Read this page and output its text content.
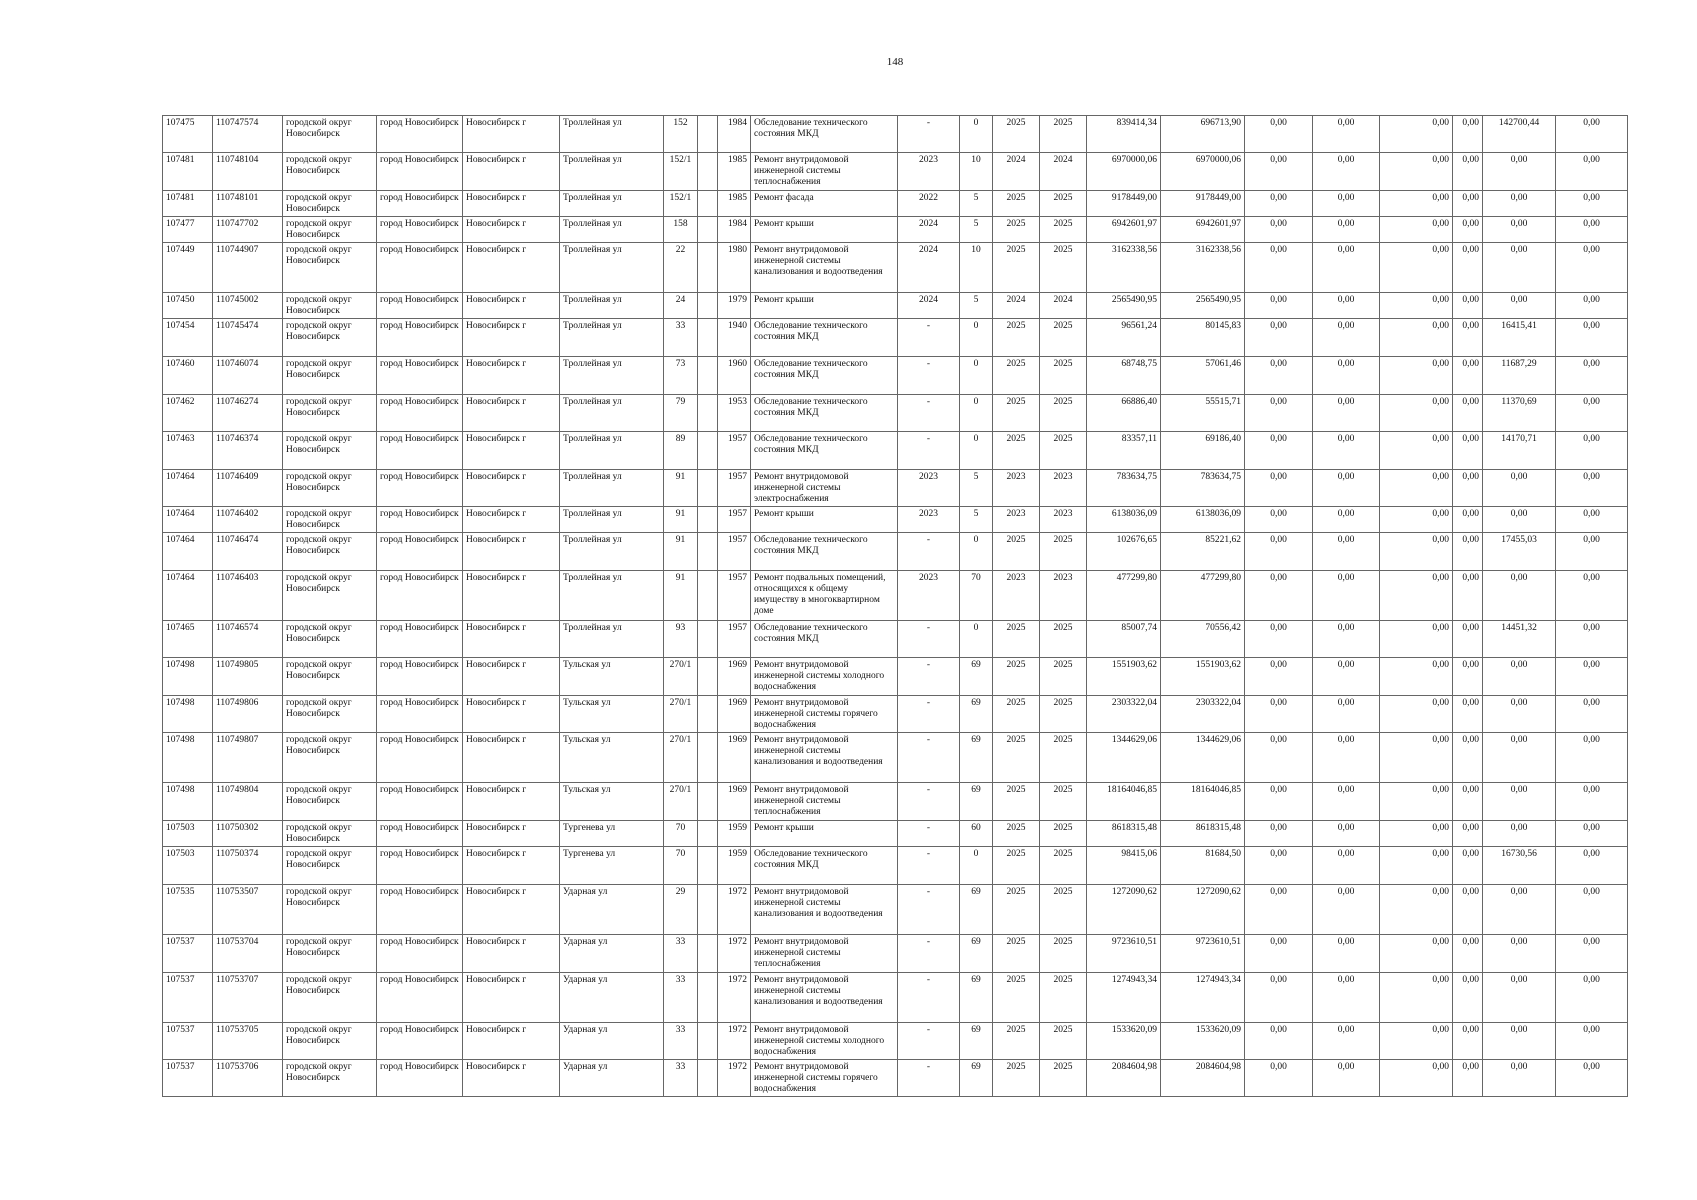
148
107475	110747574	городской округ Новосибирск	город Новосибирск	Новосибирск г	Троллейная ул	152		1984	Обследование технического состояния МКД	-	0	2025	2025	839414,34	696713,90	0,00	0,00	0,00	0,00	142700,44	0,00
107481	110748104	городской округ Новосибирск	город Новосибирск	Новосибирск г	Троллейная ул	152/1		1985	Ремонт внутридомовой инженерной системы теплоснабжения	2023	10	2024	2024	6970000,06	6970000,06	0,00	0,00	0,00	0,00	0,00	0,00
107481	110748101	городской округ Новосибирск	город Новосибирск	Новосибирск г	Троллейная ул	152/1		1985	Ремонт фасада	2022	5	2025	2025	9178449,00	9178449,00	0,00	0,00	0,00	0,00	0,00	0,00
107477	110747702	городской округ Новосибирск	город Новосибирск	Новосибирск г	Троллейная ул	158		1984	Ремонт крыши	2024	5	2025	2025	6942601,97	6942601,97	0,00	0,00	0,00	0,00	0,00	0,00
107449	110744907	городской округ Новосибирск	город Новосибирск	Новосибирск г	Троллейная ул	22		1980	Ремонт внутридомовой инженерной системы канализования и водоотведения	2024	10	2025	2025	3162338,56	3162338,56	0,00	0,00	0,00	0,00	0,00	0,00
107450	110745002	городской округ Новосибирск	город Новосибирск	Новосибирск г	Троллейная ул	24		1979	Ремонт крыши	2024	5	2024	2024	2565490,95	2565490,95	0,00	0,00	0,00	0,00	0,00	0,00
107454	110745474	городской округ Новосибирск	город Новосибирск	Новосибирск г	Троллейная ул	33		1940	Обследование технического состояния МКД	-	0	2025	2025	96561,24	80145,83	0,00	0,00	0,00	0,00	16415,41	0,00
107460	110746074	городской округ Новосибирск	город Новосибирск	Новосибирск г	Троллейная ул	73		1960	Обследование технического состояния МКД	-	0	2025	2025	68748,75	57061,46	0,00	0,00	0,00	0,00	11687,29	0,00
107462	110746274	городской округ Новосибирск	город Новосибирск	Новосибирск г	Троллейная ул	79		1953	Обследование технического состояния МКД	-	0	2025	2025	66886,40	55515,71	0,00	0,00	0,00	0,00	11370,69	0,00
107463	110746374	городской округ Новосибирск	город Новосибирск	Новосибирск г	Троллейная ул	89		1957	Обследование технического состояния МКД	-	0	2025	2025	83357,11	69186,40	0,00	0,00	0,00	0,00	14170,71	0,00
107464	110746409	городской округ Новосибирск	город Новосибирск	Новосибирск г	Троллейная ул	91		1957	Ремонт внутридомовой инженерной системы электроснабжения	2023	5	2023	2023	783634,75	783634,75	0,00	0,00	0,00	0,00	0,00	0,00
107464	110746402	городской округ Новосибирск	город Новосибирск	Новосибирск г	Троллейная ул	91		1957	Ремонт крыши	2023	5	2023	2023	6138036,09	6138036,09	0,00	0,00	0,00	0,00	0,00	0,00
107464	110746474	городской округ Новосибирск	город Новосибирск	Новосибирск г	Троллейная ул	91		1957	Обследование технического состояния МКД	-	0	2025	2025	102676,65	85221,62	0,00	0,00	0,00	0,00	17455,03	0,00
107464	110746403	городской округ Новосибирск	город Новосибирск	Новосибирск г	Троллейная ул	91		1957	Ремонт подвальных помещений, относящихся к общему имуществу в многоквартирном доме	2023	70	2023	2023	477299,80	477299,80	0,00	0,00	0,00	0,00	0,00	0,00
107465	110746574	городской округ Новосибирск	город Новосибирск	Новосибирск г	Троллейная ул	93		1957	Обследование технического состояния МКД	-	0	2025	2025	85007,74	70556,42	0,00	0,00	0,00	0,00	14451,32	0,00
107498	110749805	городской округ Новосибирск	город Новосибирск	Новосибирск г	Тульская ул	270/1		1969	Ремонт внутридомовой инженерной системы холодного водоснабжения	-	69	2025	2025	1551903,62	1551903,62	0,00	0,00	0,00	0,00	0,00	0,00
107498	110749806	городской округ Новосибирск	город Новосибирск	Новосибирск г	Тульская ул	270/1		1969	Ремонт внутридомовой инженерной системы горячего водоснабжения	-	69	2025	2025	2303322,04	2303322,04	0,00	0,00	0,00	0,00	0,00	0,00
107498	110749807	городской округ Новосибирск	город Новосибирск	Новосибирск г	Тульская ул	270/1		1969	Ремонт внутридомовой инженерной системы канализования и водоотведения	-	69	2025	2025	1344629,06	1344629,06	0,00	0,00	0,00	0,00	0,00	0,00
107498	110749804	городской округ Новосибирск	город Новосибирск	Новосибирск г	Тульская ул	270/1		1969	Ремонт внутридомовой инженерной системы теплоснабжения	-	69	2025	2025	18164046,85	18164046,85	0,00	0,00	0,00	0,00	0,00	0,00
107503	110750302	городской округ Новосибирск	город Новосибирск	Новосибирск г	Тургенева ул	70		1959	Ремонт крыши	-	60	2025	2025	8618315,48	8618315,48	0,00	0,00	0,00	0,00	0,00	0,00
107503	110750374	городской округ Новосибирск	город Новосибирск	Новосибирск г	Тургенева ул	70		1959	Обследование технического состояния МКД	-	0	2025	2025	98415,06	81684,50	0,00	0,00	0,00	0,00	16730,56	0,00
107535	110753507	городской округ Новосибирск	город Новосибирск	Новосибирск г	Ударная ул	29		1972	Ремонт внутридомовой инженерной системы канализования и водоотведения	-	69	2025	2025	1272090,62	1272090,62	0,00	0,00	0,00	0,00	0,00	0,00
107537	110753704	городской округ Новосибирск	город Новосибирск	Новосибирск г	Ударная ул	33		1972	Ремонт внутридомовой инженерной системы теплоснабжения	-	69	2025	2025	9723610,51	9723610,51	0,00	0,00	0,00	0,00	0,00	0,00
107537	110753707	городской округ Новосибирск	город Новосибирск	Новосибирск г	Ударная ул	33		1972	Ремонт внутридомовой инженерной системы канализования и водоотведения	-	69	2025	2025	1274943,34	1274943,34	0,00	0,00	0,00	0,00	0,00	0,00
107537	110753705	городской округ Новосибирск	город Новосибирск	Новосибирск г	Ударная ул	33		1972	Ремонт внутридомовой инженерной системы холодного водоснабжения	-	69	2025	2025	1533620,09	1533620,09	0,00	0,00	0,00	0,00	0,00	0,00
107537	110753706	городской округ Новосибирск	город Новосибирск	Новосибирск г	Ударная ул	33		1972	Ремонт внутридомовой инженерной системы горячего водоснабжения	-	69	2025	2025	2084604,98	2084604,98	0,00	0,00	0,00	0,00	0,00	0,00
